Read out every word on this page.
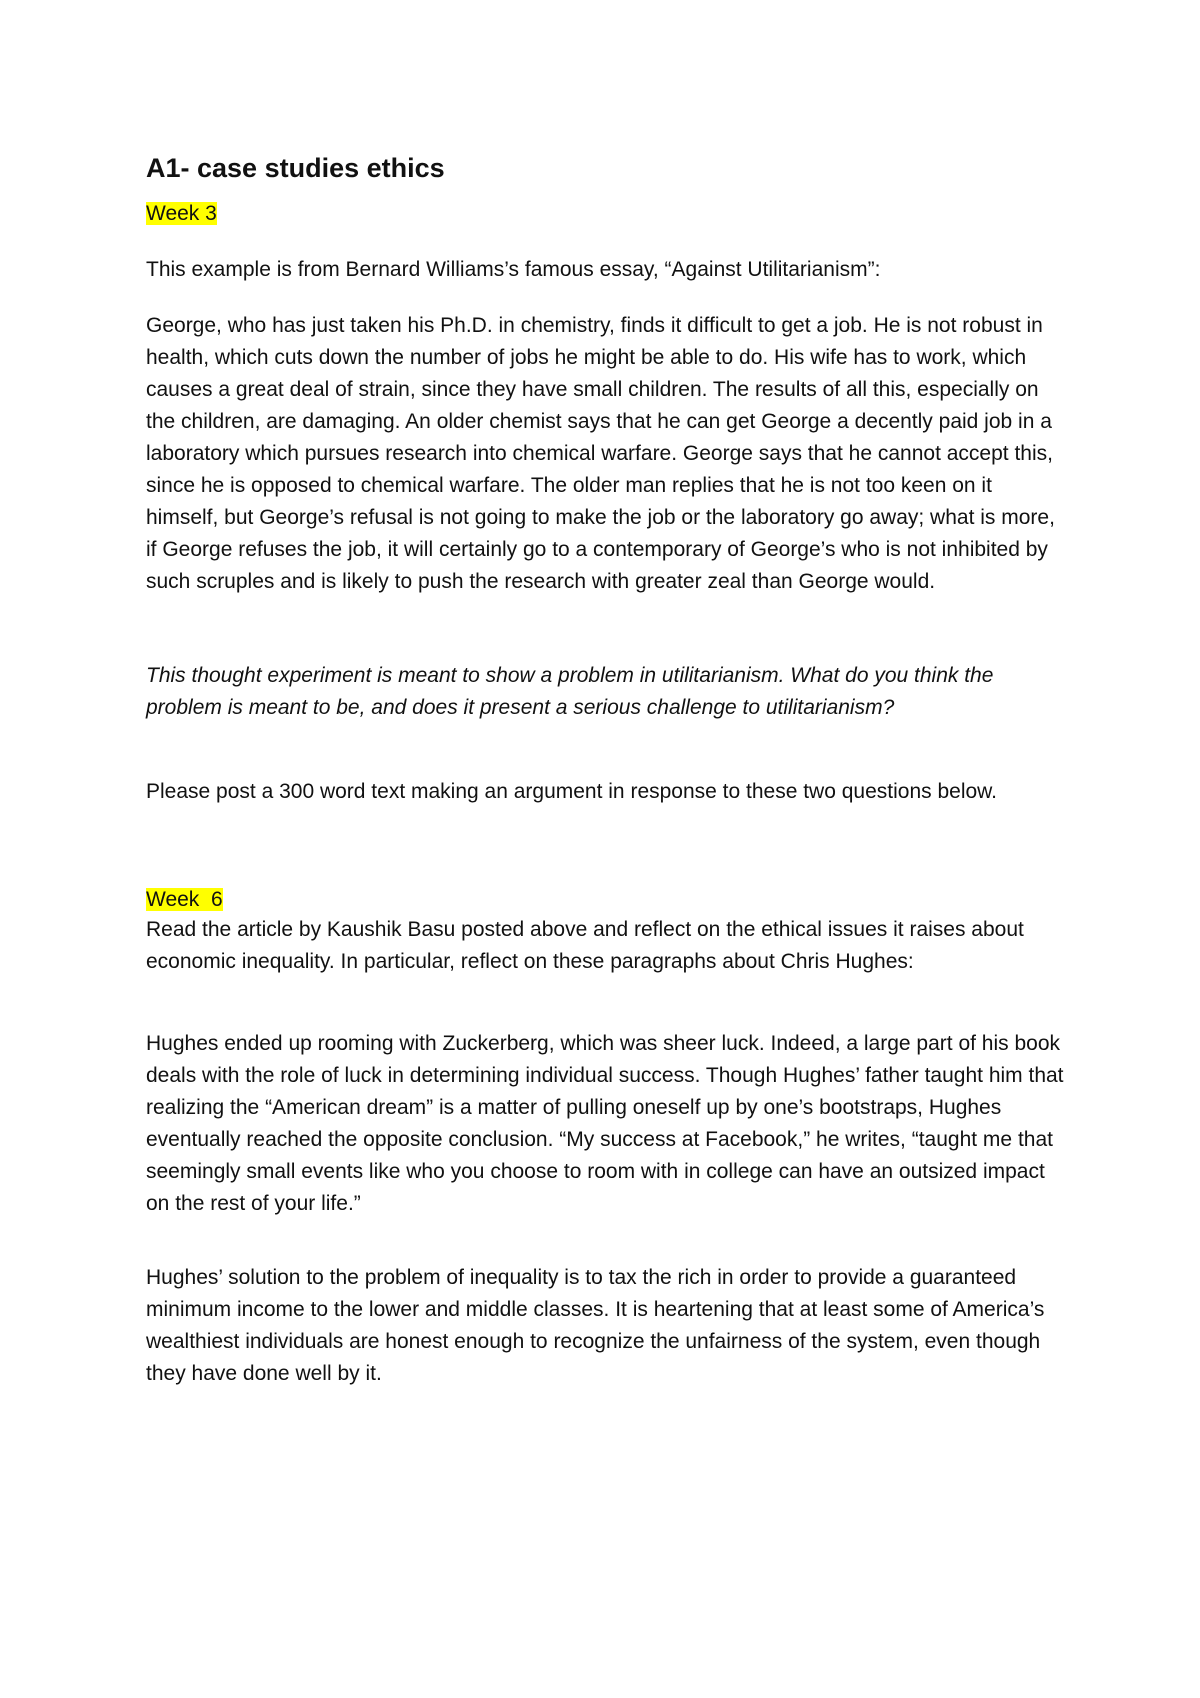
A1- case studies ethics

Week 3

This example is from Bernard Williams’s famous essay, “Against Utilitarianism”:

George, who has just taken his Ph.D. in chemistry, finds it difficult to get a job. He is not robust in health, which cuts down the number of jobs he might be able to do. His wife has to work, which causes a great deal of strain, since they have small children. The results of all this, especially on the children, are damaging. An older chemist says that he can get George a decently paid job in a laboratory which pursues research into chemical warfare. George says that he cannot accept this, since he is opposed to chemical warfare. The older man replies that he is not too keen on it himself, but George’s refusal is not going to make the job or the laboratory go away; what is more, if George refuses the job, it will certainly go to a contemporary of George’s who is not inhibited by such scruples and is likely to push the research with greater zeal than George would.

This thought experiment is meant to show a problem in utilitarianism. What do you think the problem is meant to be, and does it present a serious challenge to utilitarianism?

Please post a 300 word text making an argument in response to these two questions below.

Week  6

Read the article by Kaushik Basu posted above and reflect on the ethical issues it raises about economic inequality. In particular, reflect on these paragraphs about Chris Hughes:

Hughes ended up rooming with Zuckerberg, which was sheer luck. Indeed, a large part of his book deals with the role of luck in determining individual success. Though Hughes’ father taught him that realizing the “American dream” is a matter of pulling oneself up by one’s bootstraps, Hughes eventually reached the opposite conclusion. “My success at Facebook,” he writes, “taught me that seemingly small events like who you choose to room with in college can have an outsized impact on the rest of your life.”

Hughes’ solution to the problem of inequality is to tax the rich in order to provide a guaranteed minimum income to the lower and middle classes. It is heartening that at least some of America’s wealthiest individuals are honest enough to recognize the unfairness of the system, even though they have done well by it.
